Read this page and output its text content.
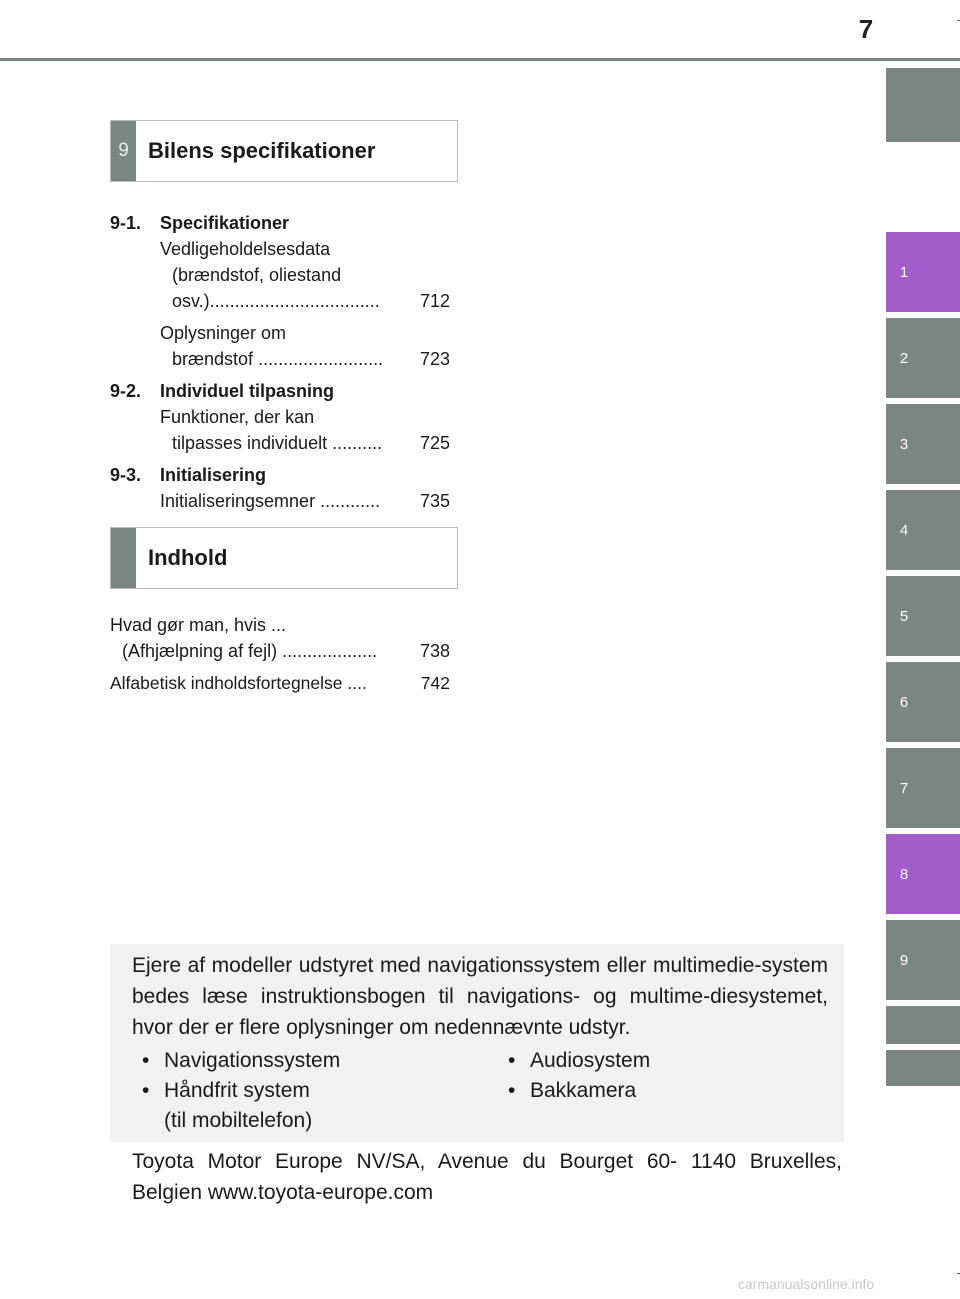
7
1
2
3
4
5
6
7
8
9
9 Bilens specifikationer
9-1.	Specifikationer
Vedligeholdelsesdata
(brændstof, oliestand
osv.).................................. 712
Oplysninger om
brændstof ......................... 723
9-2.	Individuel tilpasning
Funktioner, der kan
tilpasses individuelt .......... 725
9-3.	Initialisering
Initialiseringsemner ............ 735
Indhold
Hvad gør man, hvis ...
(Afhjælpning af fejl) ................... 738
Alfabetisk indholdsfortegnelse ....	742

Ejere af modeller udstyret med navigationssystem eller multimedie-system bedes læse instruktionsbogen til navigations- og multime-diesystemet, hvor der er flere oplysninger om nedennævnte udstyr.

• Navigationssystem
• Håndfrit system
(til mobiltelefon)
• Audiosystem
• Bakkamera
Toyota Motor Europe NV/SA, Avenue du Bourget 60- 1140 Bruxelles, Belgien www.toyota-europe.com
carmanualsonline.info
